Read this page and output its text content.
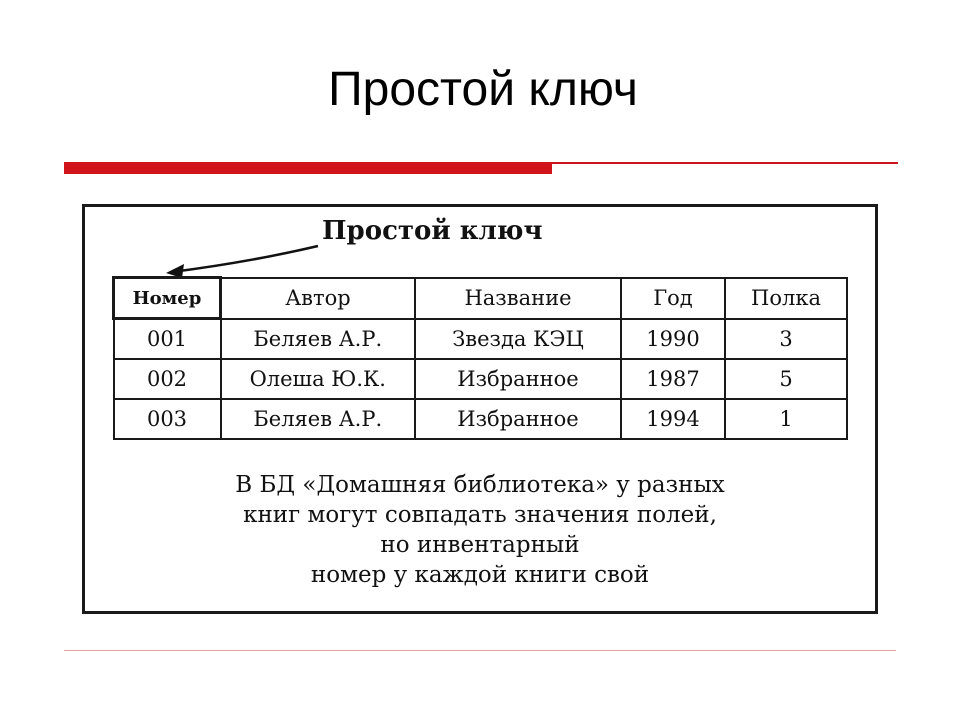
Простой ключ
Простой ключ
Номер	Автор	Название	Год	Полка
001	Беляев А.Р.	Звезда КЭЦ	1990	3
002	Олеша Ю.К.	Избранное	1987	5
003	Беляев А.Р.	Избранное	1994	1
В БД «Домашняя библиотека» у разных
книг могут совпадать значения полей,
но инвентарный
номер у каждой книги свой
